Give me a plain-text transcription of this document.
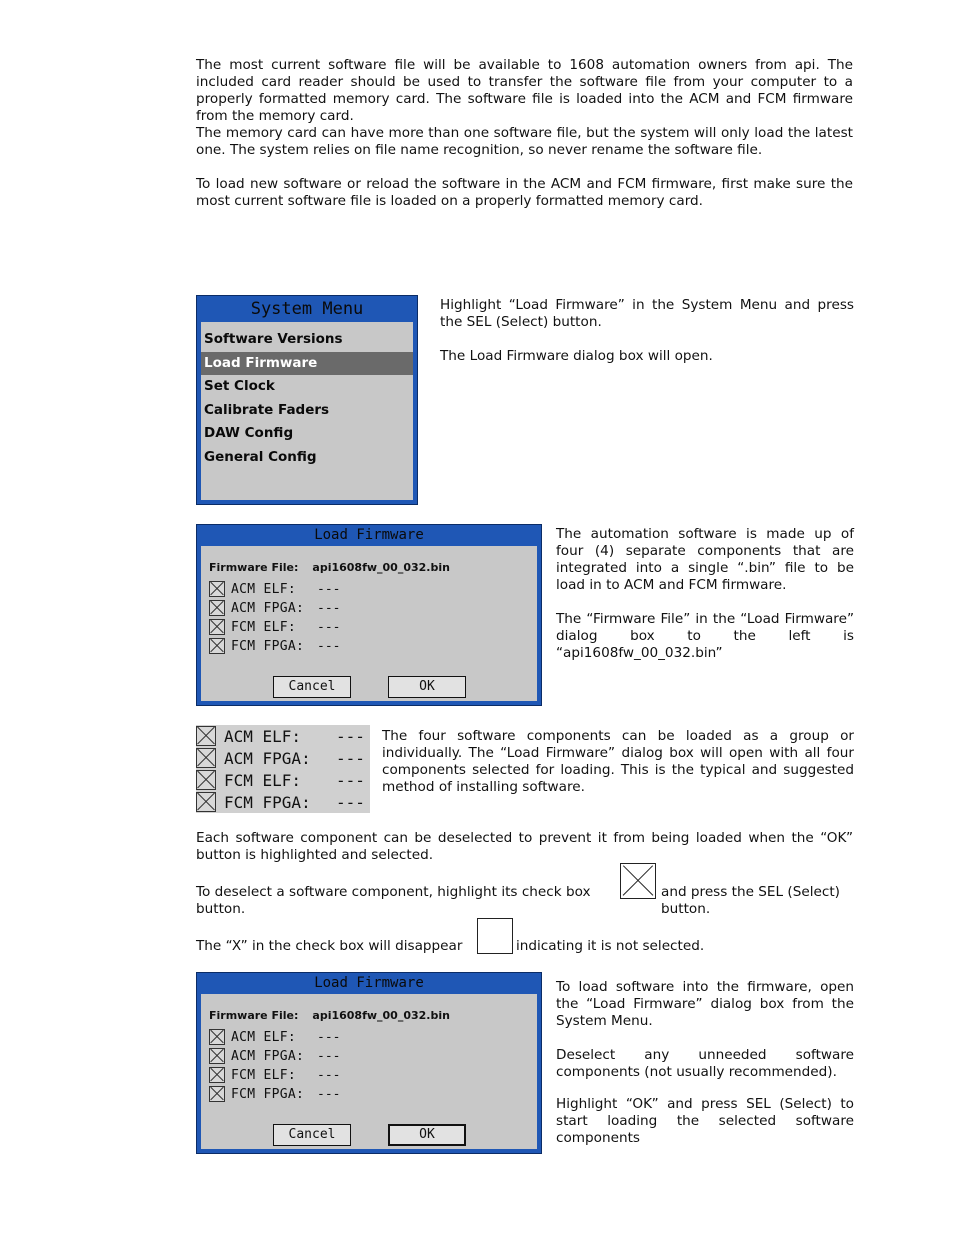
The most current software file will be available to 1608 automation owners from api. The included card reader should be used to transfer the software file from your computer to a properly formatted memory card. The software file is loaded into the ACM and FCM firmware from the memory card.

The memory card can have more than one software file, but the system will only load the latest one. The system relies on file name recognition, so never rename the software file.

To load new software or reload the software in the ACM and FCM firmware, first make sure the most current software file is loaded on a properly formatted memory card.

System Menu
Software Versions
Load Firmware
Set Clock
Calibrate Faders
DAW Config
General Config

Highlight “Load Firmware” in the System Menu and press the SEL (Select) button.

The Load Firmware dialog box will open.

Load Firmware
Firmware File: api1608fw_00_032.bin
ACM ELF:	---
ACM FPGA: ---
FCM ELF:	---
FCM FPGA: ---
Cancel	OK

The automation software is made up of four (4) separate components that are integrated into a single “.bin” file to be load in to ACM and FCM firmware.

The “Firmware File” in the “Load Firmware” dialog box to the left is “api1608fw_00_032.bin”

ACM ELF:	---
ACM FPGA:	---
FCM ELF:	---
FCM FPGA:	---

The four software components can be loaded as a group or individually. The “Load Firmware” dialog box will open with all four components selected for loading. This is the typical and suggested method of installing software.

Each software component can be deselected to prevent it from being loaded when the “OK” button is highlighted and selected.

To deselect a software component, highlight its check box	and press the SEL (Select) button.

button.

The “X” in the check box will disappear	indicating it is not selected.

Load Firmware
Firmware File: api1608fw_00_032.bin
ACM ELF:	---
ACM FPGA: ---
FCM ELF:	---
FCM FPGA: ---
Cancel	OK

To load software into the firmware, open the “Load Firmware” dialog box from the System Menu.

Deselect any unneeded software components (not usually recommended).

Highlight “OK” and press SEL (Select) to start loading the selected software components
